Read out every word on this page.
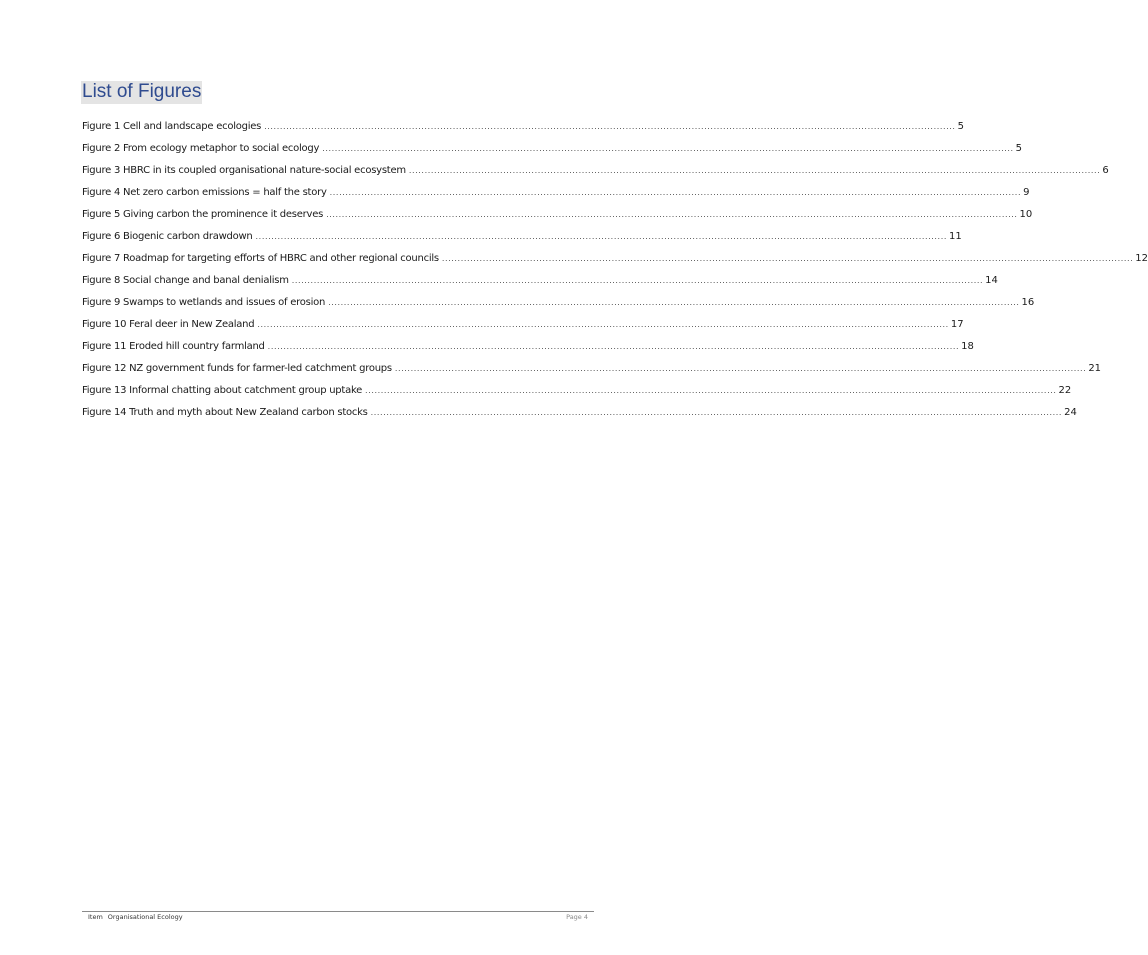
List of Figures
Figure 1 Cell and landscape ecologies ............................................................................................................................................................................................................................ 5
Figure 2 From ecology metaphor to social ecology ............................................................................................................................................................................................................................ 5
Figure 3 HBRC in its coupled organisational nature-social ecosystem ............................................................................................................................................................................................................................ 6
Figure 4 Net zero carbon emissions = half the story ............................................................................................................................................................................................................................ 9
Figure 5 Giving carbon the prominence it deserves ............................................................................................................................................................................................................................ 10
Figure 6 Biogenic carbon drawdown ............................................................................................................................................................................................................................ 11
Figure 7 Roadmap for targeting efforts of HBRC and other regional councils ............................................................................................................................................................................................................................ 12
Figure 8 Social change and banal denialism ............................................................................................................................................................................................................................ 14
Figure 9 Swamps to wetlands and issues of erosion ............................................................................................................................................................................................................................ 16
Figure 10 Feral deer in New Zealand ............................................................................................................................................................................................................................ 17
Figure 11 Eroded hill country farmland ............................................................................................................................................................................................................................ 18
Figure 12 NZ government funds for farmer-led catchment groups ............................................................................................................................................................................................................................ 21
Figure 13 Informal chatting about catchment group uptake ............................................................................................................................................................................................................................ 22
Figure 14 Truth and myth about New Zealand carbon stocks ............................................................................................................................................................................................................................ 24
Item Organisational Ecology	Page 4
